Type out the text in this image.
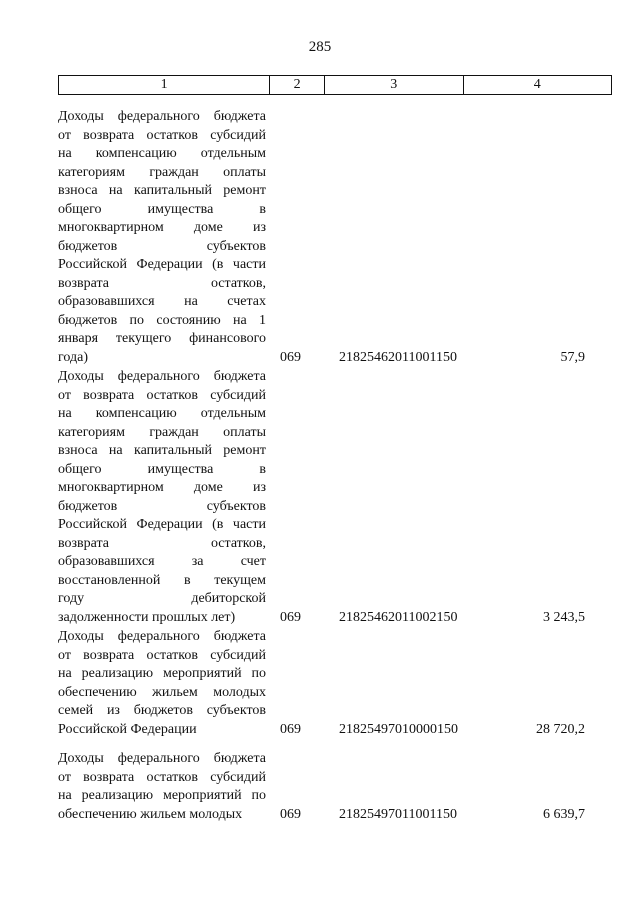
285
1	2	3	4
Доходы федерального бюджета
от возврата остатков субсидий
на компенсацию отдельным
категориям граждан оплаты
взноса на капитальный ремонт
общего имущества в
многоквартирном доме из
бюджетов субъектов
Российской Федерации (в части
возврата остатков,
образовавшихся на счетах
бюджетов по состоянию на 1
января текущего финансового
года)	069	21825462011001150	57,9
Доходы федерального бюджета
от возврата остатков субсидий
на компенсацию отдельным
категориям граждан оплаты
взноса на капитальный ремонт
общего имущества в
многоквартирном доме из
бюджетов субъектов
Российской Федерации (в части
возврата остатков,
образовавшихся за счет
восстановленной в текущем
году дебиторской
задолженности прошлых лет)	069	21825462011002150	3 243,5
Доходы федерального бюджета
от возврата остатков субсидий
на реализацию мероприятий по
обеспечению жильем молодых
семей из бюджетов субъектов
Российской Федерации	069	21825497010000150	28 720,2
Доходы федерального бюджета
от возврата остатков субсидий
на реализацию мероприятий по
обеспечению жильем молодых	069	21825497011001150	6 639,7
